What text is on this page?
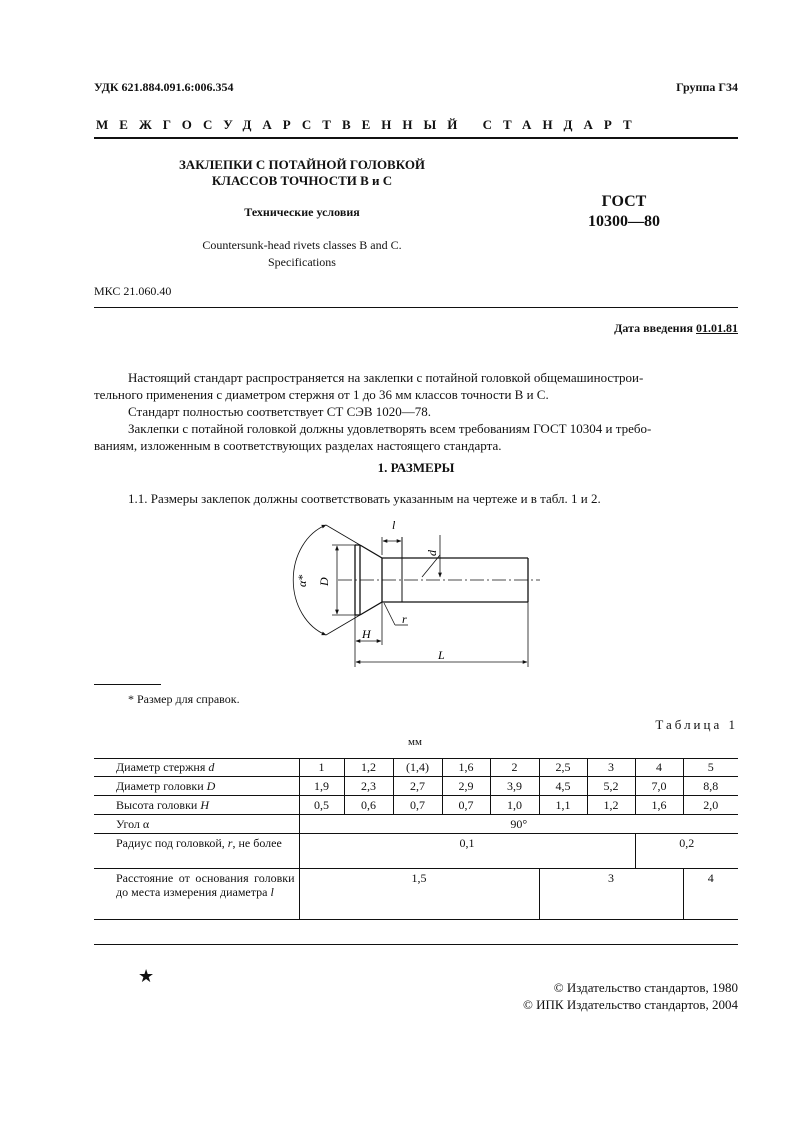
УДК 621.884.091.6:006.354	Группа Г34
МЕЖГОСУДАРСТВЕННЫЙ СТАНДАРТ
ЗАКЛЕПКИ С ПОТАЙНОЙ ГОЛОВКОЙ
КЛАССОВ ТОЧНОСТИ В и С
Технические условия
Countersunk-head rivets classes B and C.
Specifications
ГОСТ
10300—80
МКС 21.060.40
Дата введения 01.01.81
Настоящий стандарт распространяется на заклепки с потайной головкой общемашинострои-
тельного применения с диаметром стержня от 1 до 36 мм классов точности В и С.
Стандарт полностью соответствует СТ СЭВ 1020—78.
Заклепки с потайной головкой должны удовлетворять всем требованиям ГОСТ 10304 и требо-
ваниям, изложенным в соответствующих разделах настоящего стандарта.
1. РАЗМЕРЫ
1.1. Размеры заклепок должны соответствовать указанным на чертеже и в табл. 1 и 2.
l
d
D
α*
H
r
L
* Размер для справок.
Таблица 1
мм
Диаметр стержня d	1	1,2	(1,4)	1,6	2	2,5	3	4	5
Диаметр головки D	1,9	2,3	2,7	2,9	3,9	4,5	5,2	7,0	8,8
Высота головки H	0,5	0,6	0,7	0,7	1,0	1,1	1,2	1,6	2,0
Угол α	90°								
Радиус под головкой, r, не более	0,1							0,2	
Расстояние от основания головки до места измерения диаметра l	1,5					3			4
★
© Издательство стандартов, 1980
© ИПК Издательство стандартов, 2004
